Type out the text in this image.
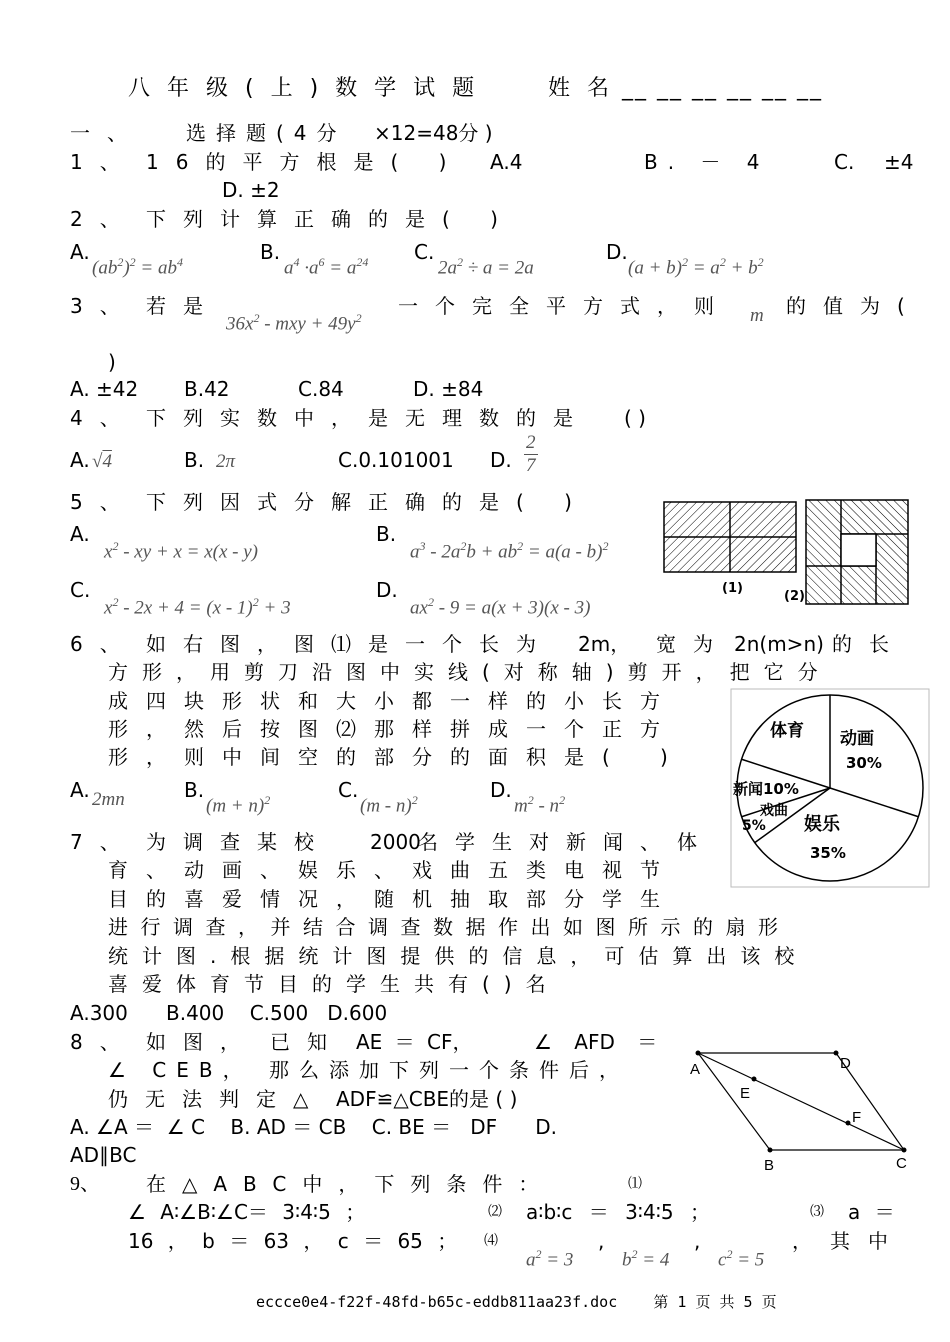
八年级(上)数学试题	姓名
__ __ __ __ __ __
一、 选择题(4分 ×12=48分 )
1、 16的平方根是( ) A.4	B. － 4	C. ±4
D. ±2
2、 下列计算正确的是( )
A.
$(ab^2)^2 = ab^4$	B.
$a^4 \cdot a^6 = a^{24}$ C.
$2a^2 \div a = 2a$
D.
$(a + b)^2 = a^2 + b^2$
3、 若是
$36x^2$ - mxy + $49y^2$ 一个完全平方式，则 m 的值为(
)
A. ±42 B.42	C.84	D. ±84
4、 下列实数中，是无理数的是 ( )
A. √4	B. 2π	C.0.101001 D.
2
7
5、 下列因式分解正确的是( )
A.
$x^2$ - xy + x = x(x - y)
B.
$a^3 - 2a^2b + ab^2 = a(a - b)^2$
C.
$x^2 - 2x + 4 = (x - 1)^2 + 3$
D.
$ax^2 - 9 = a(x + 3)(x - 3)$
(1)
(2)
6、 如右图，图⑴是一个长为 2m， 宽为 2n(m>n) 的长
方形，用剪刀沿图中实线(对称轴)剪开，把它分
成四块形状和大小都一样的小长方
形，然后按图⑵那样拼成一个正方
形，则中间空的部分的面积是( )
A. 2mn	B.
$(m + n)^2$	C.
(m - n)$^2$	D.
$m^2 - n^2$
体育 动画
30%
新闻10%
戏曲
5% 娱乐
35%
7、 为调查某校 2000
名学生对新闻、体
育、动画、娱乐、戏曲五类电视节
目的喜爱情况，随机抽取部分学生
进行调查，并结合调查数据作出如图所示的扇形
统计图.根据统计图提供的信息，可估算出该校
喜爱体育节目的学生共有()名
A.300      B.400    C.500   D.600
8、 如图， 已知 AE ＝ CF，	∠ AFD ＝
∠ CEB， 那么添加下列一个条件后，
仍无法判定△ ADF≌△CBE的是 ( )
A. ∠A ＝  ∠ C    B. AD ＝ CB    C. BE ＝   DF      D.
AD∥BC
A	D
E
F
B	C
9、 在△ABC中，下列条件：	⑴
∠ A∶∠B∶∠C＝ 3∶4∶5 ；	⑵ a∶b∶c ＝ 3∶4∶5 ；	⑶ a ＝
16 ， b ＝ 63 ， c ＝ 65 ； ⑷
$a^2 = 3$
,
$b^2 = 4$
,
$c^2 = 5$
，其中
eccce0e4-f22f-48fd-b65c-eddb811aa23f.doc    第 1 页 共 5 页
